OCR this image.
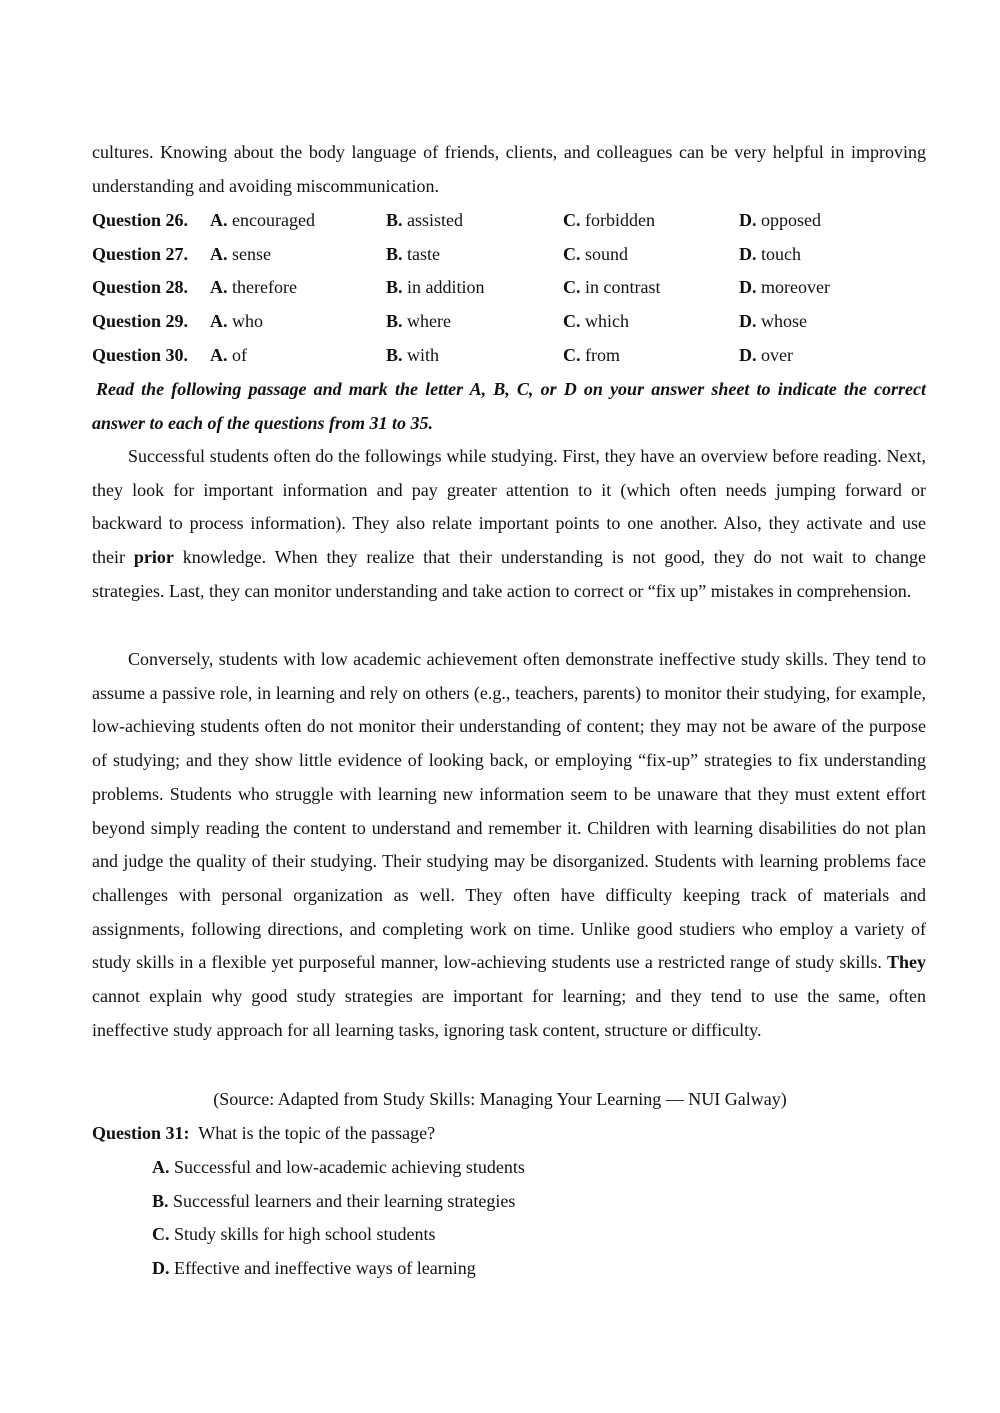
cultures. Knowing about the body language of friends, clients, and colleagues can be very helpful in improving understanding and avoiding miscommunication.

Question 26. A. encouraged	B. assisted	C. forbidden	D. opposed
Question 27. A. sense	B. taste	C. sound	D. touch
Question 28. A. therefore	B. in addition	C. in contrast	D. moreover
Question 29. A. who	B. where	C. which	D. whose
Question 30. A. of	B. with	C. from	D. over

Read the following passage and mark the letter A, B, C, or D on your answer sheet to indicate the correct answer to each of the questions from 31 to 35.

Successful students often do the followings while studying. First, they have an overview before reading. Next, they look for important information and pay greater attention to it (which often needs jumping forward or backward to process information). They also relate important points to one another. Also, they activate and use their prior knowledge. When they realize that their understanding is not good, they do not wait to change strategies. Last, they can monitor understanding and take action to correct or “fix up” mistakes in comprehension.

Conversely, students with low academic achievement often demonstrate ineffective study skills. They tend to assume a passive role, in learning and rely on others (e.g., teachers, parents) to monitor their studying, for example, low-achieving students often do not monitor their understanding of content; they may not be aware of the purpose of studying; and they show little evidence of looking back, or employing “fix-up” strategies to fix understanding problems. Students who struggle with learning new information seem to be unaware that they must extent effort beyond simply reading the content to understand and remember it. Children with learning disabilities do not plan and judge the quality of their studying. Their studying may be disorganized. Students with learning problems face challenges with personal organization as well. They often have difficulty keeping track of materials and assignments, following directions, and completing work on time. Unlike good studiers who employ a variety of study skills in a flexible yet purposeful manner, low-achieving students use a restricted range of study skills. They cannot explain why good study strategies are important for learning; and they tend to use the same, often ineffective study approach for all learning tasks, ignoring task content, structure or difficulty.

(Source: Adapted from Study Skills: Managing Your Learning — NUI Galway)
Question 31: What is the topic of the passage?
A. Successful and low-academic achieving students
B. Successful learners and their learning strategies
C. Study skills for high school students
D. Effective and ineffective ways of learning
